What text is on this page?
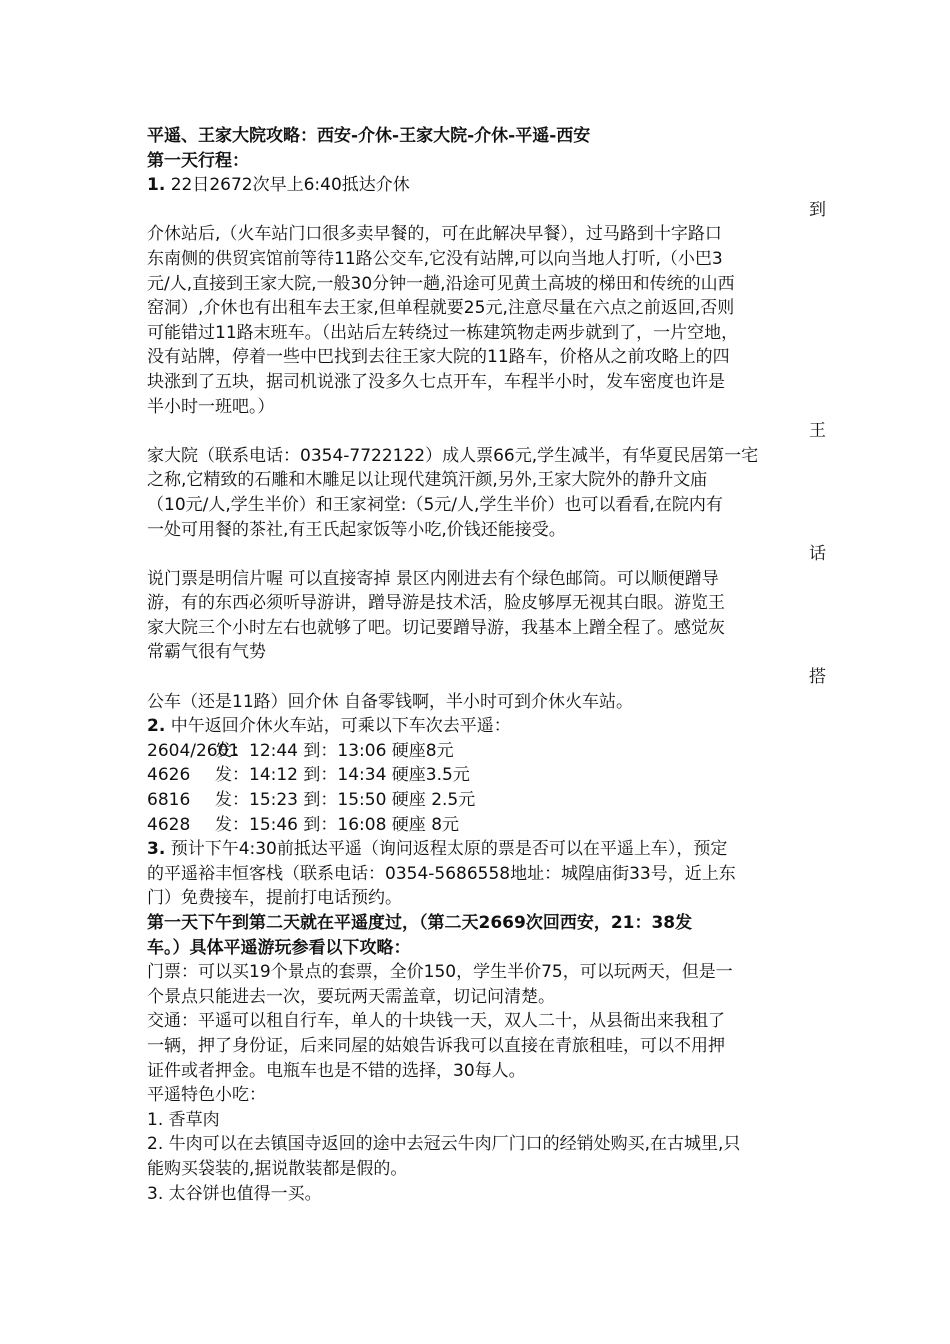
平遥、王家大院攻略：西安-介休-王家大院-介休-平遥-西安
第一天行程：
1. 22日2672次早上6:40抵达介休
到
介休站后,（火车站门口很多卖早餐的，可在此解决早餐），过马路到十字路口
东南侧的供贸宾馆前等待11路公交车,它没有站牌,可以向当地人打听,（小巴3
元/人,直接到王家大院,一般30分钟一趟,沿途可见黄土高坡的梯田和传统的山西
窑洞）,介休也有出租车去王家,但单程就要25元,注意尽量在六点之前返回,否则
可能错过11路末班车。（出站后左转绕过一栋建筑物走两步就到了，一片空地，
没有站牌，停着一些中巴找到去往王家大院的11路车，价格从之前攻略上的四
块涨到了五块，据司机说涨了没多久七点开车，车程半小时，发车密度也许是
半小时一班吧。）
王
家大院（联系电话：0354-7722122）成人票66元,学生减半，有华夏民居第一宅
之称,它精致的石雕和木雕足以让现代建筑汗颜,另外,王家大院外的静升文庙
（10元/人,学生半价）和王家祠堂:（5元/人,学生半价）也可以看看,在院内有
一处可用餐的茶社,有王氏起家饭等小吃,价钱还能接受。
话
说门票是明信片喔 可以直接寄掉 景区内刚进去有个绿色邮筒。可以顺便蹭导
游，有的东西必须听导游讲，蹭导游是技术活，脸皮够厚无视其白眼。游览王
家大院三个小时左右也就够了吧。切记要蹭导游，我基本上蹭全程了。感觉灰
常霸气很有气势
搭
公车（还是11路）回介休 自备零钱啊，半小时可到介休火车站。
2. 中午返回介休火车站，可乘以下车次去平遥：
2604/2601发：12:44 到：13:06 硬座8元
4626 发：14:12 到：14:34 硬座3.5元
6816 发：15:23 到：15:50 硬座 2.5元
4628 发：15:46 到：16:08 硬座 8元
3. 预计下午4:30前抵达平遥（询问返程太原的票是否可以在平遥上车），预定
的平遥裕丰恒客栈（联系电话：0354-5686558地址：城隍庙街33号，近上东
门）免费接车，提前打电话预约。
第一天下午到第二天就在平遥度过，（第二天2669次回西安，21：38发
车。）具体平遥游玩参看以下攻略：
门票：可以买19个景点的套票，全价150，学生半价75，可以玩两天，但是一
个景点只能进去一次，要玩两天需盖章，切记问清楚。
交通：平遥可以租自行车，单人的十块钱一天，双人二十，从县衙出来我租了
一辆，押了身份证，后来同屋的姑娘告诉我可以直接在青旅租哇，可以不用押
证件或者押金。电瓶车也是不错的选择，30每人。
平遥特色小吃：
1. 香草肉
2. 牛肉可以在去镇国寺返回的途中去冠云牛肉厂门口的经销处购买,在古城里,只
能购买袋装的,据说散装都是假的。
3. 太谷饼也值得一买。
